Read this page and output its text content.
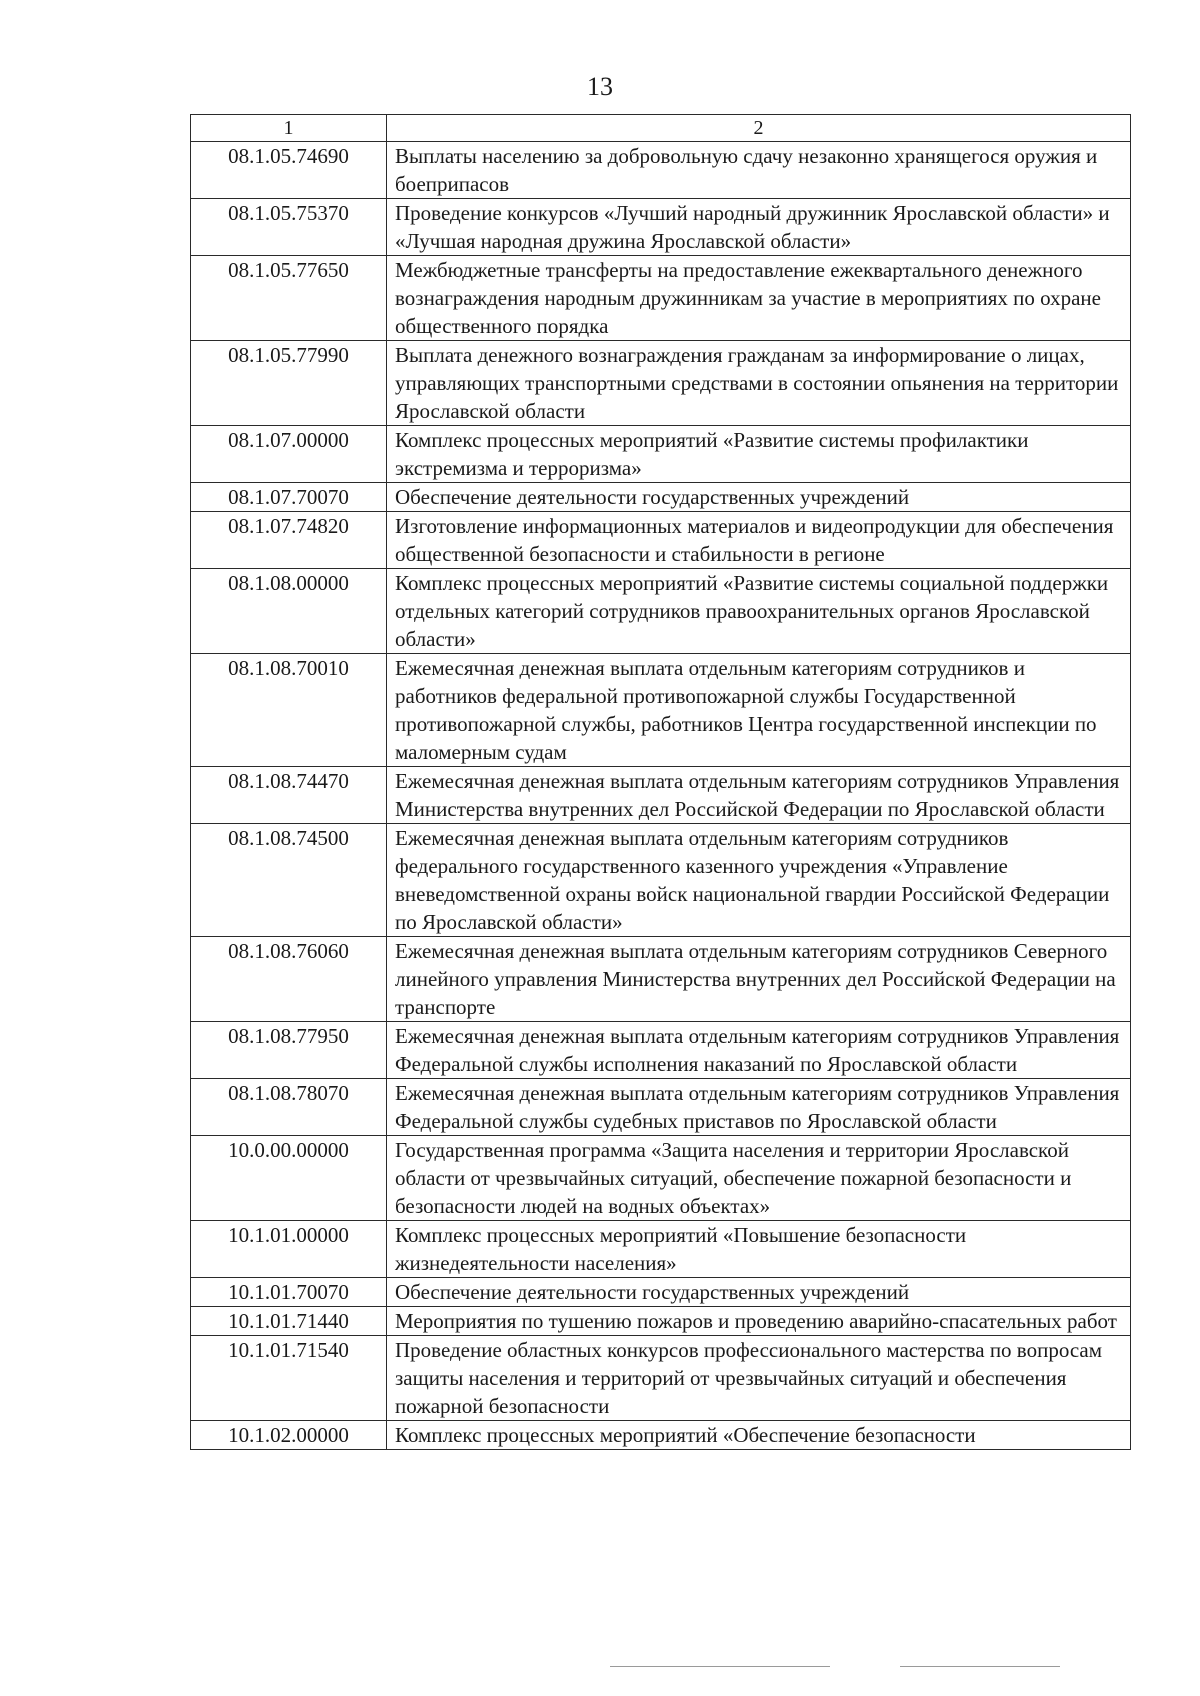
13
1	2
08.1.05.74690	Выплаты населению за добровольную сдачу незаконно хранящегося оружия и боеприпасов
08.1.05.75370	Проведение конкурсов «Лучший народный дружинник Ярославской области» и «Лучшая народная дружина Ярославской области»
08.1.05.77650	Межбюджетные трансферты на предоставление ежеквартального денежного вознаграждения народным дружинникам за участие в мероприятиях по охране общественного порядка
08.1.05.77990	Выплата денежного вознаграждения гражданам за информирование о лицах, управляющих транспортными средствами в состоянии опьянения на территории Ярославской области
08.1.07.00000	Комплекс процессных мероприятий «Развитие системы профилактики экстремизма и терроризма»
08.1.07.70070	Обеспечение деятельности государственных учреждений
08.1.07.74820	Изготовление информационных материалов и видеопродукции для обеспечения общественной безопасности и стабильности в регионе
08.1.08.00000	Комплекс процессных мероприятий «Развитие системы социальной поддержки отдельных категорий сотрудников правоохранительных органов Ярославской области»
08.1.08.70010	Ежемесячная денежная выплата отдельным категориям сотрудников и работников федеральной противопожарной службы Государственной противопожарной службы, работников Центра государственной инспекции по маломерным судам
08.1.08.74470	Ежемесячная денежная выплата отдельным категориям сотрудников Управления Министерства внутренних дел Российской Федерации по Ярославской области
08.1.08.74500	Ежемесячная денежная выплата отдельным категориям сотрудников федерального государственного казенного учреждения «Управление вневедомственной охраны войск национальной гвардии Российской Федерации по Ярославской области»
08.1.08.76060	Ежемесячная денежная выплата отдельным категориям сотрудников Северного линейного управления Министерства внутренних дел Российской Федерации на транспорте
08.1.08.77950	Ежемесячная денежная выплата отдельным категориям сотрудников Управления Федеральной службы исполнения наказаний по Ярославской области
08.1.08.78070	Ежемесячная денежная выплата отдельным категориям сотрудников Управления Федеральной службы судебных приставов по Ярославской области
10.0.00.00000	Государственная программа «Защита населения и территории Ярославской области от чрезвычайных ситуаций, обеспечение пожарной безопасности и безопасности людей на водных объектах»
10.1.01.00000	Комплекс процессных мероприятий «Повышение безопасности жизнедеятельности населения»
10.1.01.70070	Обеспечение деятельности государственных учреждений
10.1.01.71440	Мероприятия по тушению пожаров и проведению аварийно-спасательных работ
10.1.01.71540	Проведение областных конкурсов профессионального мастерства по вопросам защиты населения и территорий от чрезвычайных ситуаций и обеспечения пожарной безопасности
10.1.02.00000	Комплекс процессных мероприятий «Обеспечение безопасности
